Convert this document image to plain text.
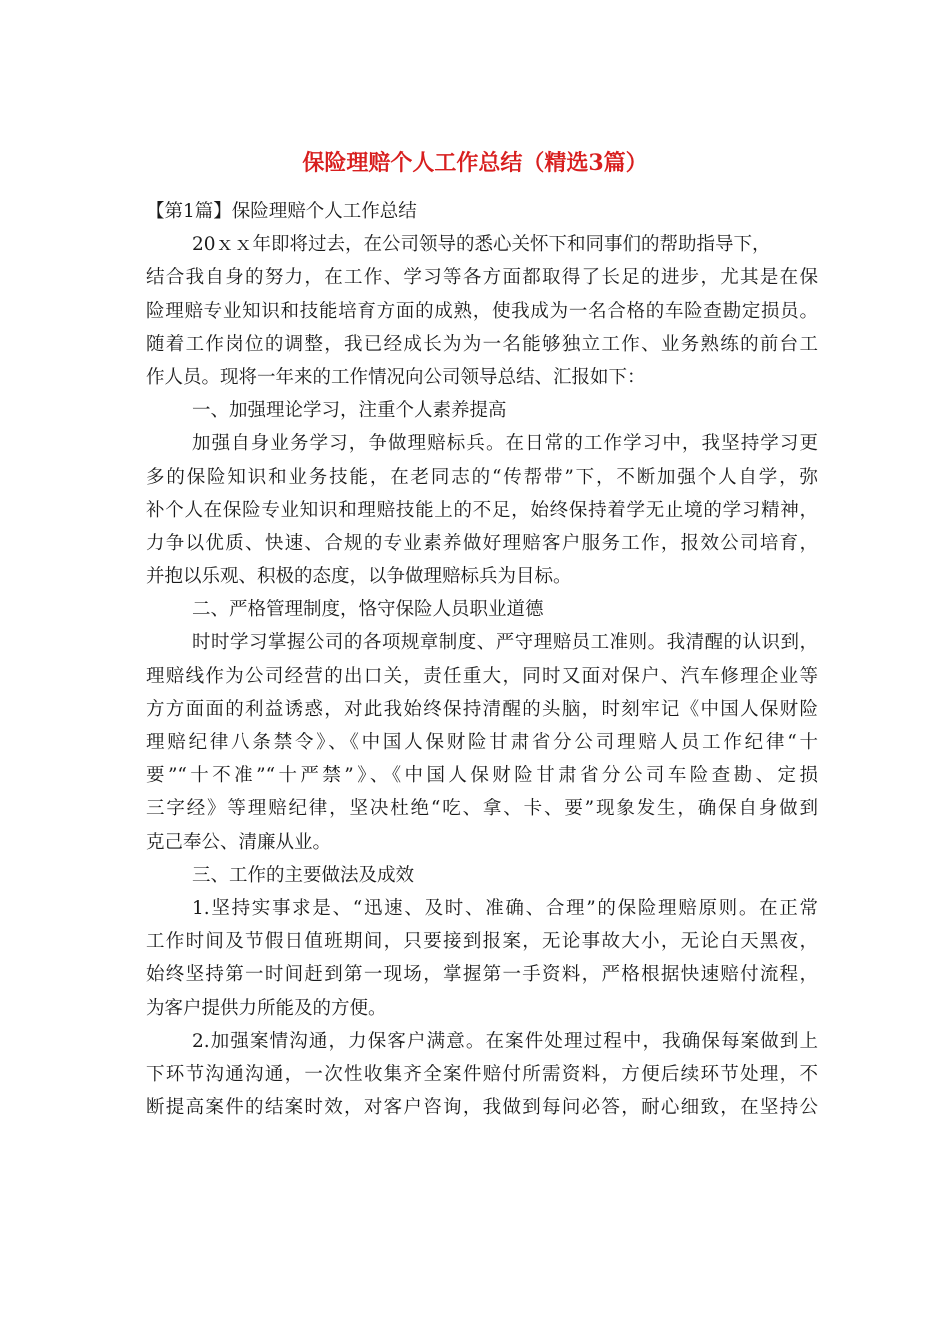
保险理赔个人工作总结（精选3篇）
【第1篇】保险理赔个人工作总结
20ｘｘ年即将过去，在公司领导的悉心关怀下和同事们的帮助指导下，
结合我自身的努力，在工作、学习等各方面都取得了长足的进步，尤其是在保
险理赔专业知识和技能培育方面的成熟，使我成为一名合格的车险查勘定损员。
随着工作岗位的调整，我已经成长为为一名能够独立工作、业务熟练的前台工
作人员。现将一年来的工作情况向公司领导总结、汇报如下：
一、加强理论学习，注重个人素养提高
加强自身业务学习，争做理赔标兵。在日常的工作学习中，我坚持学习更
多的保险知识和业务技能，在老同志的“传帮带”下，不断加强个人自学，弥
补个人在保险专业知识和理赔技能上的不足，始终保持着学无止境的学习精神，
力争以优质、快速、合规的专业素养做好理赔客户服务工作，报效公司培育，
并抱以乐观、积极的态度，以争做理赔标兵为目标。
二、严格管理制度，恪守保险人员职业道德
时时学习掌握公司的各项规章制度、严守理赔员工准则。我清醒的认识到，
理赔线作为公司经营的出口关，责任重大，同时又面对保户、汽车修理企业等
方方面面的利益诱惑，对此我始终保持清醒的头脑，时刻牢记《中国人保财险
理赔纪律八条禁令》、《中国人保财险甘肃省分公司理赔人员工作纪律“十
要”“十不准”“十严禁”》、《中国人保财险甘肃省分公司车险查勘、定损
三字经》等理赔纪律，坚决杜绝“吃、拿、卡、要”现象发生，确保自身做到
克己奉公、清廉从业。
三、工作的主要做法及成效
1.坚持实事求是、“迅速、及时、准确、合理”的保险理赔原则。在正常
工作时间及节假日值班期间，只要接到报案，无论事故大小，无论白天黑夜，
始终坚持第一时间赶到第一现场，掌握第一手资料，严格根据快速赔付流程，
为客户提供力所能及的方便。
2.加强案情沟通，力保客户满意。在案件处理过程中，我确保每案做到上
下环节沟通沟通，一次性收集齐全案件赔付所需资料，方便后续环节处理，不
断提高案件的结案时效，对客户咨询，我做到每问必答，耐心细致，在坚持公
